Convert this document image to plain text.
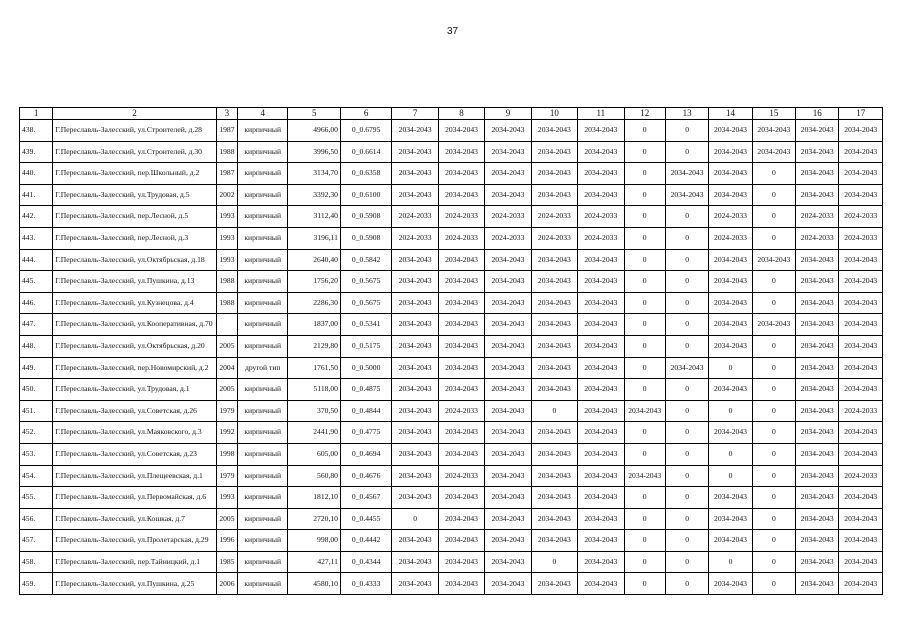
37
1	2	3	4	5	6	7	8	9	10	11	12	13	14	15	16	17
438.	Г.Переславль-Залесский, ул.Строителей, д.28	1987	кирпичный	4966,00	0_0.6795	2034-2043	2034-2043	2034-2043	2034-2043	2034-2043	0	0	2034-2043	2034-2043	2034-2043	2034-2043
439.	Г.Переславль-Залесский, ул.Строителей, д.30	1988	кирпичный	3996,50	0_0.6614	2034-2043	2034-2043	2034-2043	2034-2043	2034-2043	0	0	2034-2043	2034-2043	2034-2043	2034-2043
440.	Г.Переславль-Залесский, пер.Школьный, д.2	1987	кирпичный	3134,70	0_0.6358	2034-2043	2034-2043	2034-2043	2034-2043	2034-2043	0	2034-2043	2034-2043	0	2034-2043	2034-2043
441.	Г.Переславль-Залесский, ул.Трудовая, д.5	2002	кирпичный	3392,30	0_0.6100	2034-2043	2034-2043	2034-2043	2034-2043	2034-2043	0	2034-2043	2034-2043	0	2034-2043	2034-2043
442.	Г.Переславль-Залесский, пер.Лесной, д.5	1993	кирпичный	3112,40	0_0.5908	2024-2033	2024-2033	2024-2033	2024-2033	2024-2033	0	0	2024-2033	0	2024-2033	2024-2033
443.	Г.Переславль-Залесский, пер.Лесной, д.3	1993	кирпичный	3196,11	0_0.5908	2024-2033	2024-2033	2024-2033	2024-2033	2024-2033	0	0	2024-2033	0	2024-2033	2024-2033
444.	Г.Переславль-Залесский, ул.Октябрьская, д.18	1993	кирпичный	2640,40	0_0.5842	2034-2043	2034-2043	2034-2043	2034-2043	2034-2043	0	0	2034-2043	2034-2043	2034-2043	2034-2043
445.	Г.Переславль-Залесский, ул.Пушкина, д.13	1988	кирпичный	1756,20	0_0.5675	2034-2043	2034-2043	2034-2043	2034-2043	2034-2043	0	0	2034-2043	0	2034-2043	2034-2043
446.	Г.Переславль-Залесский, ул.Кузнецова, д.4	1988	кирпичный	2286,30	0_0.5675	2034-2043	2034-2043	2034-2043	2034-2043	2034-2043	0	0	2034-2043	0	2034-2043	2034-2043
447.	Г.Переславль-Залесский, ул.Кооперативная, д.70		кирпичный	1837,00	0_0.5341	2034-2043	2034-2043	2034-2043	2034-2043	2034-2043	0	0	2034-2043	2034-2043	2034-2043	2034-2043
448.	Г.Переславль-Залесский, ул.Октябрьская, д.20	2005	кирпичный	2129,80	0_0.5175	2034-2043	2034-2043	2034-2043	2034-2043	2034-2043	0	0	2034-2043	0	2034-2043	2034-2043
449.	Г.Переславль-Залесский, пер.Новомирский, д.2	2004	другой тип	1761,50	0_0.5000	2034-2043	2034-2043	2034-2043	2034-2043	2034-2043	0	2034-2043	0	0	2034-2043	2034-2043
450.	Г.Переславль-Залесский, ул.Трудовая, д.1	2005	кирпичный	5118,00	0_0.4875	2034-2043	2034-2043	2034-2043	2034-2043	2034-2043	0	0	2034-2043	0	2034-2043	2034-2043
451.	Г.Переславль-Залесский, ул.Советская, д.26	1979	кирпичный	370,50	0_0.4844	2034-2043	2024-2033	2034-2043	0	2034-2043	2034-2043	0	0	0	2034-2043	2024-2033
452.	Г.Переславль-Залесский, ул.Маяковского, д.3	1992	кирпичный	2441,90	0_0.4775	2034-2043	2034-2043	2034-2043	2034-2043	2034-2043	0	0	2034-2043	0	2034-2043	2034-2043
453.	Г.Переславль-Залесский, ул.Советская, д.23	1998	кирпичный	605,00	0_0.4694	2034-2043	2034-2043	2034-2043	2034-2043	2034-2043	0	0	0	0	2034-2043	2034-2043
454.	Г.Переславль-Залесский, ул.Плещеевская, д.1	1979	кирпичный	560,80	0_0.4676	2034-2043	2024-2033	2034-2043	2034-2043	2034-2043	2034-2043	0	0	0	2034-2043	2024-2033
455.	Г.Переславль-Залесский, ул.Первомайская, д.6	1993	кирпичный	1812,10	0_0.4567	2034-2043	2034-2043	2034-2043	2034-2043	2034-2043	0	0	2034-2043	0	2034-2043	2034-2043
456.	Г.Переславль-Залесский, ул.Кошкая, д.7	2005	кирпичный	2720,10	0_0.4455	0	2034-2043	2034-2043	2034-2043	2034-2043	0	0	2034-2043	0	2034-2043	2034-2043
457.	Г.Переславль-Залесский, ул.Пролетарская, д.29	1996	кирпичный	998,00	0_0.4442	2034-2043	2034-2043	2034-2043	2034-2043	2034-2043	0	0	2034-2043	0	2034-2043	2034-2043
458.	Г.Переславль-Залесский, пер.Тайницкий, д.1	1985	кирпичный	427,11	0_0.4344	2034-2043	2034-2043	2034-2043	0	2034-2043	0	0	0	0	2034-2043	2034-2043
459.	Г.Переславль-Залесский, ул.Пушкина, д.25	2006	кирпичный	4580,10	0_0.4333	2034-2043	2034-2043	2034-2043	2034-2043	2034-2043	0	0	2034-2043	0	2034-2043	2034-2043
